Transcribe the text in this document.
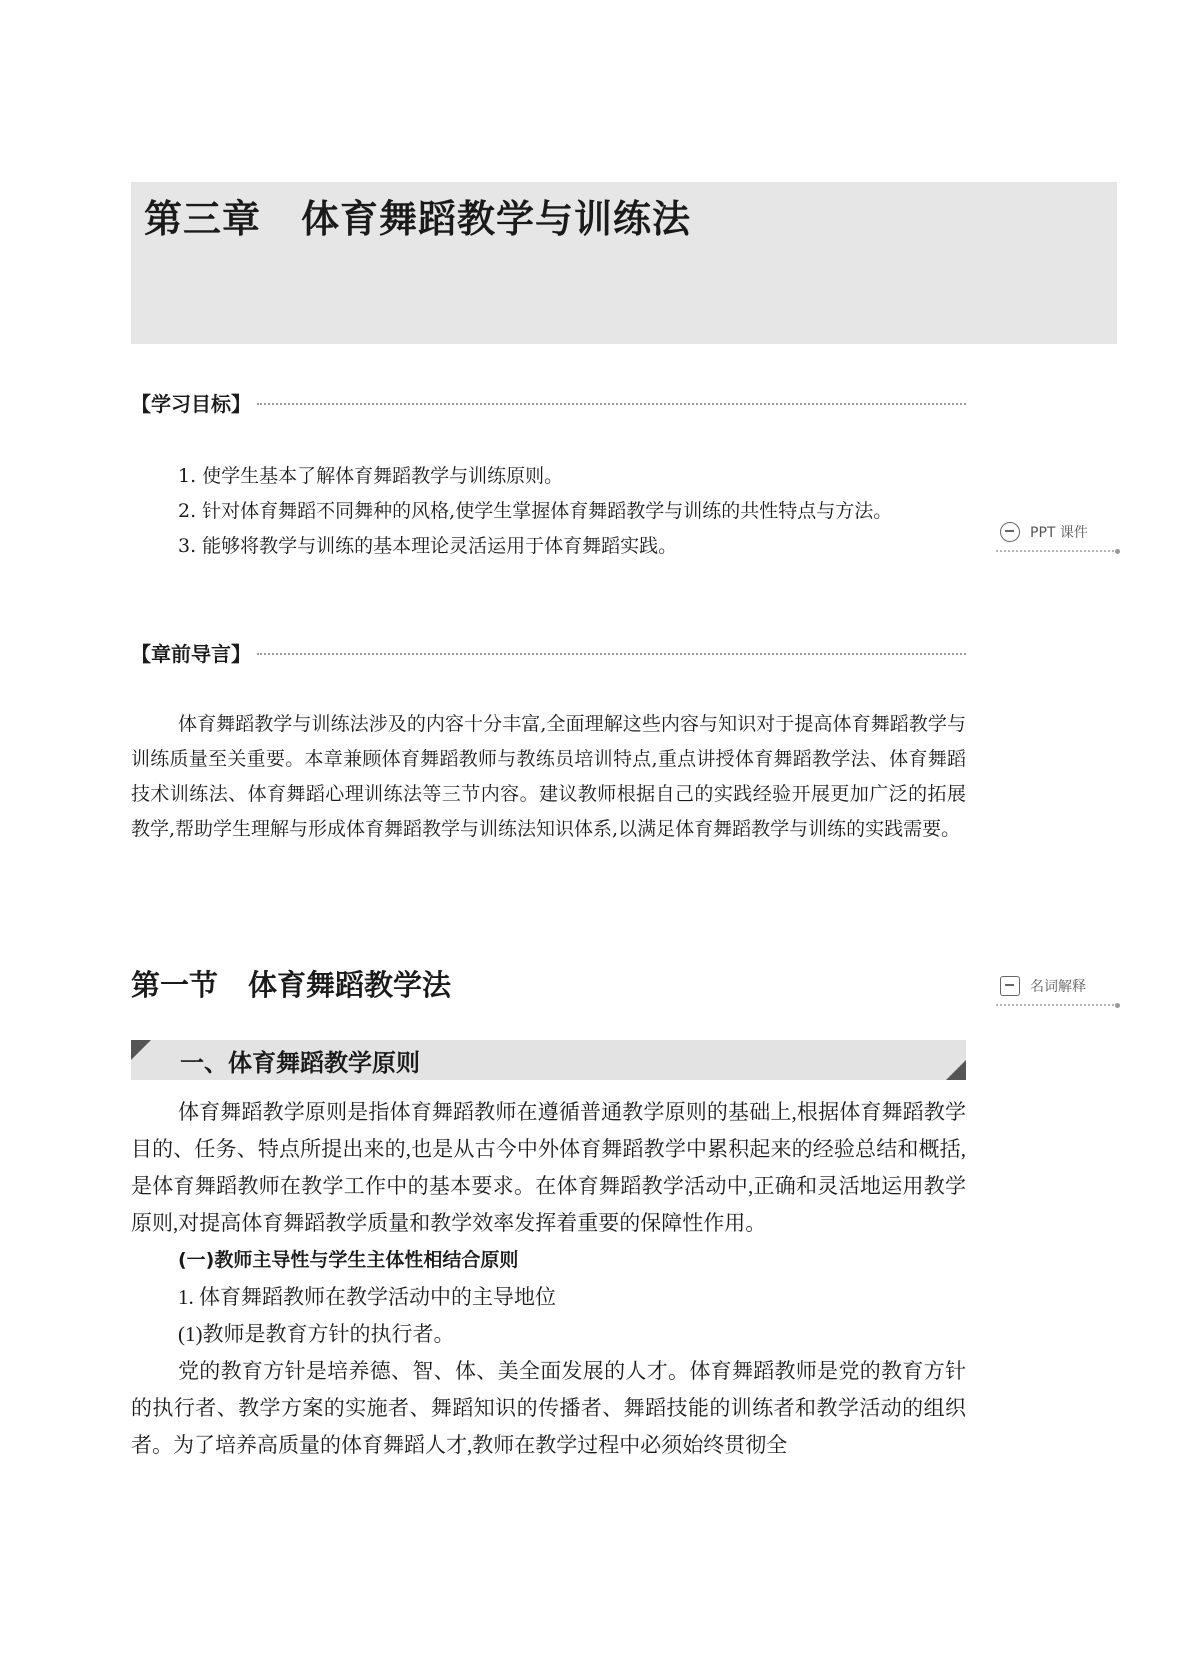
第三章 体育舞蹈教学与训练法
【学习目标】

1. 使学生基本了解体育舞蹈教学与训练原则。

2. 针对体育舞蹈不同舞种的风格,使学生掌握体育舞蹈教学与训练的共性特点与方法。

3. 能够将教学与训练的基本理论灵活运用于体育舞蹈实践。

PPT 课件
【章前导言】

体育舞蹈教学与训练法涉及的内容十分丰富,全面理解这些内容与知识对于提高体育舞蹈教学与训练质量至关重要。本章兼顾体育舞蹈教师与教练员培训特点,重点讲授体育舞蹈教学法、体育舞蹈技术训练法、体育舞蹈心理训练法等三节内容。建议教师根据自己的实践经验开展更加广泛的拓展教学,帮助学生理解与形成体育舞蹈教学与训练法知识体系,以满足体育舞蹈教学与训练的实践需要。

第一节 体育舞蹈教学法	名词解释
一、体育舞蹈教学原则

体育舞蹈教学原则是指体育舞蹈教师在遵循普通教学原则的基础上,根据体育舞蹈教学目的、任务、特点所提出来的,也是从古今中外体育舞蹈教学中累积起来的经验总结和概括,是体育舞蹈教师在教学工作中的基本要求。在体育舞蹈教学活动中,正确和灵活地运用教学原则,对提高体育舞蹈教学质量和教学效率发挥着重要的保障性作用。

(一)教师主导性与学生主体性相结合原则

1. 体育舞蹈教师在教学活动中的主导地位

(1)教师是教育方针的执行者。

党的教育方针是培养德、智、体、美全面发展的人才。体育舞蹈教师是党的教育方针的执行者、教学方案的实施者、舞蹈知识的传播者、舞蹈技能的训练者和教学活动的组织者。为了培养高质量的体育舞蹈人才,教师在教学过程中必须始终贯彻全
